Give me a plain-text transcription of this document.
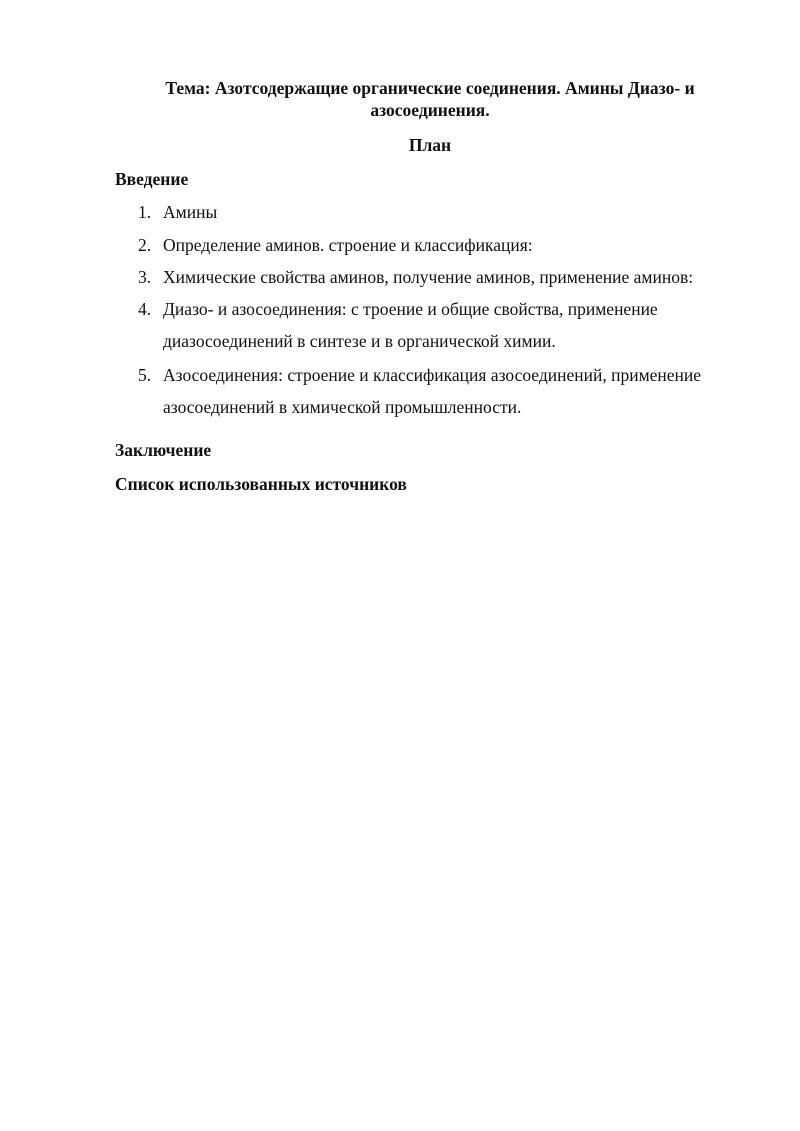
Тема: Азотсодержащие органические соединения. Амины Диазо- и
азосоединения.
План
Введение
1. Амины
2. Определение аминов. строение и классификация:
3. Химические свойства аминов, получение аминов, применение аминов:
4. Диазо- и азосоединения: с троение и общие свойства, применение
диазосоединений в синтезе и в органической химии.
5. Азосоединения: строение и классификация азосоединений, применение
азосоединений в химической промышленности.
Заключение
Список использованных источников
